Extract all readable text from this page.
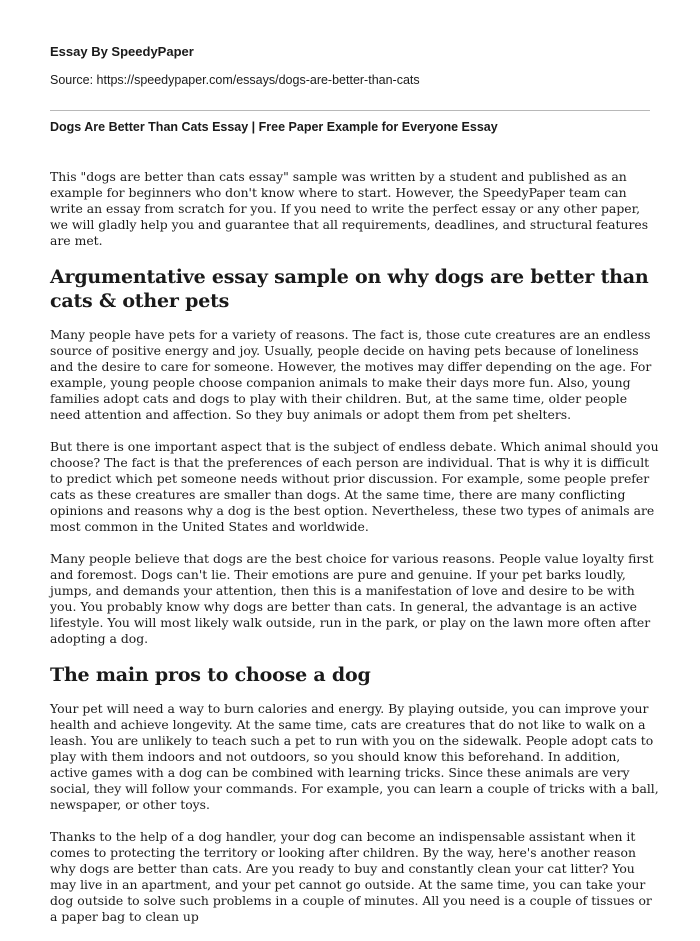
Essay By SpeedyPaper
Source: https://speedypaper.com/essays/dogs-are-better-than-cats
Dogs Are Better Than Cats Essay | Free Paper Example for Everyone Essay

This "dogs are better than cats essay" sample was written by a student and published as an example for beginners who don't know where to start. However, the SpeedyPaper team can write an essay from scratch for you. If you need to write the perfect essay or any other paper, we will gladly help you and guarantee that all requirements, deadlines, and structural features are met.

Argumentative essay sample on why dogs are better than cats & other pets

Many people have pets for a variety of reasons. The fact is, those cute creatures are an endless source of positive energy and joy. Usually, people decide on having pets because of loneliness and the desire to care for someone. However, the motives may differ depending on the age. For example, young people choose companion animals to make their days more fun. Also, young families adopt cats and dogs to play with their children. But, at the same time, older people need attention and affection. So they buy animals or adopt them from pet shelters.

But there is one important aspect that is the subject of endless debate. Which animal should you choose? The fact is that the preferences of each person are individual. That is why it is difficult to predict which pet someone needs without prior discussion. For example, some people prefer cats as these creatures are smaller than dogs. At the same time, there are many conflicting opinions and reasons why a dog is the best option. Nevertheless, these two types of animals are most common in the United States and worldwide.

Many people believe that dogs are the best choice for various reasons. People value loyalty first and foremost. Dogs can't lie. Their emotions are pure and genuine. If your pet barks loudly, jumps, and demands your attention, then this is a manifestation of love and desire to be with you. You probably know why dogs are better than cats. In general, the advantage is an active lifestyle. You will most likely walk outside, run in the park, or play on the lawn more often after adopting a dog.

The main pros to choose a dog

Your pet will need a way to burn calories and energy. By playing outside, you can improve your health and achieve longevity. At the same time, cats are creatures that do not like to walk on a leash. You are unlikely to teach such a pet to run with you on the sidewalk. People adopt cats to play with them indoors and not outdoors, so you should know this beforehand. In addition, active games with a dog can be combined with learning tricks. Since these animals are very social, they will follow your commands. For example, you can learn a couple of tricks with a ball, newspaper, or other toys.

Thanks to the help of a dog handler, your dog can become an indispensable assistant when it comes to protecting the territory or looking after children. By the way, here's another reason why dogs are better than cats. Are you ready to buy and constantly clean your cat litter? You may live in an apartment, and your pet cannot go outside. At the same time, you can take your dog outside to solve such problems in a couple of minutes. All you need is a couple of tissues or a paper bag to clean up
